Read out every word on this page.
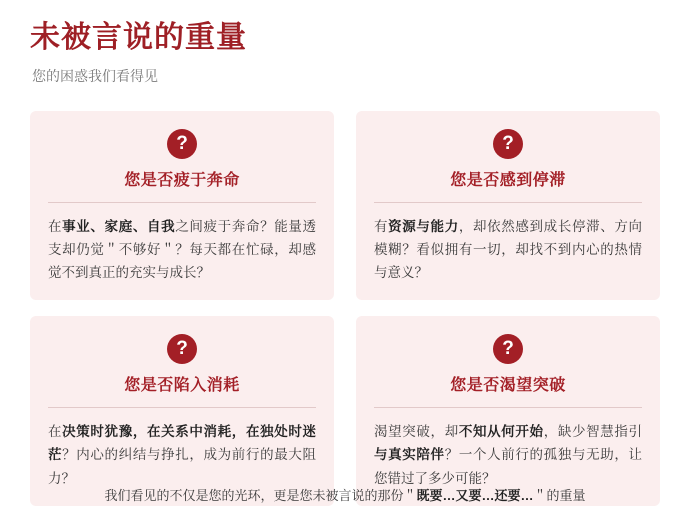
未被言说的重量
您的困惑我们看得见
?
您是否疲于奔命
在事业、家庭、自我之间疲于奔命？能量透支却仍觉＂不够好＂？每天都在忙碌，却感觉不到真正的充实与成长？
?
您是否感到停滞
有资源与能力，却依然感到成长停滞、方向模糊？看似拥有一切，却找不到内心的热情与意义？
?
您是否陷入消耗
在决策时犹豫，在关系中消耗，在独处时迷茫？内心的纠结与挣扎，成为前行的最大阻力？
?
您是否渴望突破
渴望突破，却不知从何开始，缺少智慧指引与真实陪伴？一个人前行的孤独与无助，让您错过了多少可能？
我们看见的不仅是您的光环，更是您未被言说的那份＂既要…又要…还要…＂的重量
